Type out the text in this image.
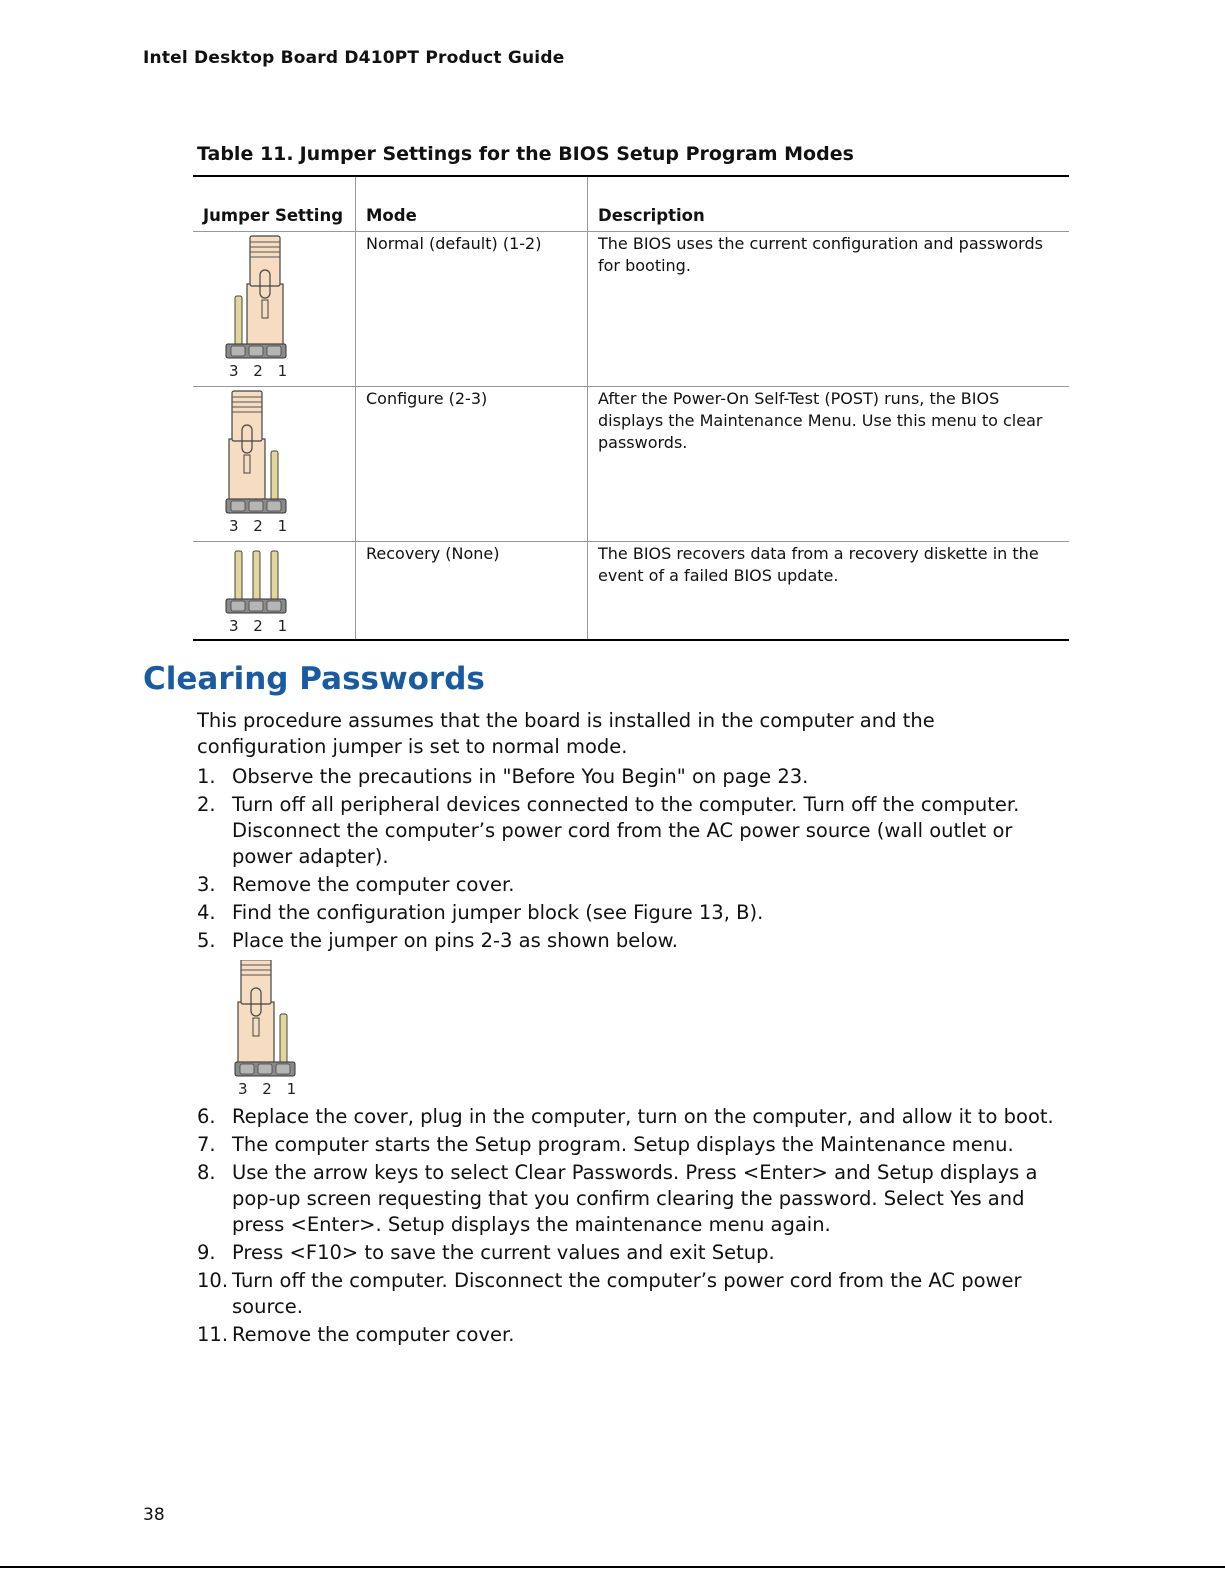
Intel Desktop Board D410PT Product Guide
Table 11. Jumper Settings for the BIOS Setup Program Modes
Jumper Setting	Mode	Description

3 2 1	Normal (default) (1-2)	The BIOS uses the current configuration and passwords for booting.

3 2 1	Configure (2-3)	After the Power-On Self-Test (POST) runs, the BIOS displays the Maintenance Menu. Use this menu to clear passwords.

3 2 1	Recovery (None)	The BIOS recovers data from a recovery diskette in the event of a failed BIOS update.
Clearing Passwords
This procedure assumes that the board is installed in the computer and the configuration jumper is set to normal mode.
1. Observe the precautions in "Before You Begin" on page 23.
2. Turn off all peripheral devices connected to the computer. Turn off the computer. Disconnect the computer’s power cord from the AC power source (wall outlet or power adapter).
3. Remove the computer cover.
4. Find the configuration jumper block (see Figure 13, B).
5. Place the jumper on pins 2-3 as shown below.
3 2 1
6. Replace the cover, plug in the computer, turn on the computer, and allow it to boot.
7. The computer starts the Setup program. Setup displays the Maintenance menu.
8. Use the arrow keys to select Clear Passwords. Press <Enter> and Setup displays a pop-up screen requesting that you confirm clearing the password. Select Yes and press <Enter>. Setup displays the maintenance menu again.
9. Press <F10> to save the current values and exit Setup.
10. Turn off the computer. Disconnect the computer’s power cord from the AC power source.
11. Remove the computer cover.
38
